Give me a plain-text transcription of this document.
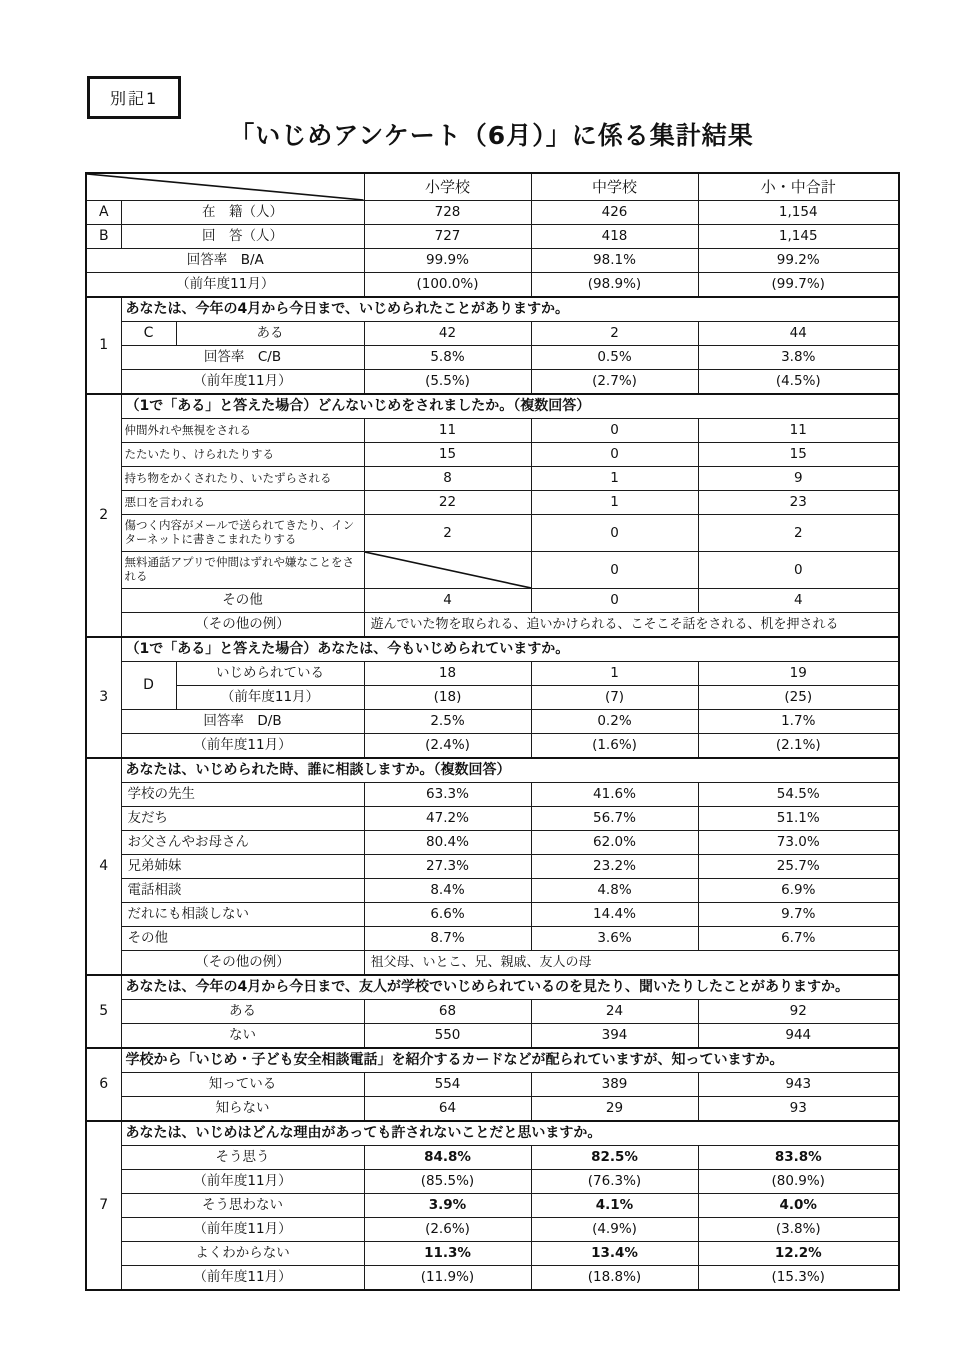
別記1
「いじめアンケート（6月）」に係る集計結果
	小学校	中学校	小・中合計
A	在　籍（人）		728	426	1,154
B	回　答（人）		727	418	1,145
回答率　B/A			99.9%	98.1%	99.2%
（前年度11月）			(100.0%)	(98.9%)	(99.7%)
1	あなたは、今年の4月から今日まで、いじめられたことがありますか。				
	C	ある	42	2	44
	回答率　C/B		5.8%	0.5%	3.8%
	（前年度11月）		(5.5%)	(2.7%)	(4.5%)
2	（1で「ある」と答えた場合）どんないじめをされましたか。（複数回答）				
	仲間外れや無視をされる		11	0	11
	たたいたり、けられたりする		15	0	15
	持ち物をかくされたり、いたずらされる		8	1	9
	悪口を言われる		22	1	23
	傷つく内容がメールで送られてきたり、インターネットに書きこまれたりする		2	0	2
	無料通話アプリで仲間はずれや嫌なことをされる			0	0
	その他		4	0	4
	（その他の例）		遊んでいた物を取られる、追いかけられる、こそこそ話をされる、机を押される		
3	（1で「ある」と答えた場合）あなたは、今もいじめられていますか。				
	D	いじめられている	18	1	19
		（前年度11月）	(18)	(7)	(25)
	回答率　D/B		2.5%	0.2%	1.7%
	（前年度11月）		(2.4%)	(1.6%)	(2.1%)
4	あなたは、いじめられた時、誰に相談しますか。（複数回答）				
	学校の先生		63.3%	41.6%	54.5%
	友だち		47.2%	56.7%	51.1%
	お父さんやお母さん		80.4%	62.0%	73.0%
	兄弟姉妹		27.3%	23.2%	25.7%
	電話相談		8.4%	4.8%	6.9%
	だれにも相談しない		6.6%	14.4%	9.7%
	その他		8.7%	3.6%	6.7%
	（その他の例）		祖父母、いとこ、兄、親戚、友人の母		
5	あなたは、今年の4月から今日まで、友人が学校でいじめられているのを見たり、聞いたりしたことがありますか。				
	ある		68	24	92
	ない		550	394	944
6	学校から「いじめ・子ども安全相談電話」を紹介するカードなどが配られていますが、知っていますか。				
	知っている		554	389	943
	知らない		64	29	93
7	あなたは、いじめはどんな理由があっても許されないことだと思いますか。				
	そう思う		84.8%	82.5%	83.8%
	（前年度11月）		(85.5%)	(76.3%)	(80.9%)
	そう思わない		3.9%	4.1%	4.0%
	（前年度11月）		(2.6%)	(4.9%)	(3.8%)
	よくわからない		11.3%	13.4%	12.2%
	（前年度11月）		(11.9%)	(18.8%)	(15.3%)
